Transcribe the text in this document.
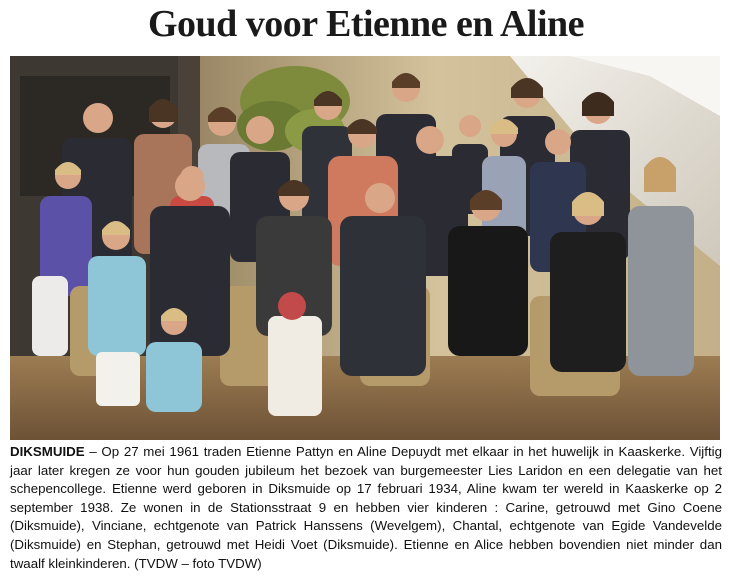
Goud voor Etienne en Aline
DIKSMUIDE – Op 27 mei 1961 traden Etienne Pattyn en Aline Depuydt met elkaar in het huwelijk in Kaaskerke. Vijftig jaar later kregen ze voor hun gouden jubileum het bezoek van burgemeester Lies Laridon en een delegatie van het schepencollege. Etienne werd geboren in Diksmuide op 17 februari 1934, Aline kwam ter wereld in Kaaskerke op 2 september 1938. Ze wonen in de Stationsstraat 9 en hebben vier kinderen : Carine, getrouwd met Gino Coene (Diksmuide), Vinciane, echtgenote van Patrick Hanssens (Wevelgem), Chantal, echtgenote van Egide Vandevelde (Diksmuide) en Stephan, getrouwd met Heidi Voet (Diksmuide). Etienne en Alice hebben bovendien niet minder dan twaalf kleinkinderen. (TVDW – foto TVDW)
